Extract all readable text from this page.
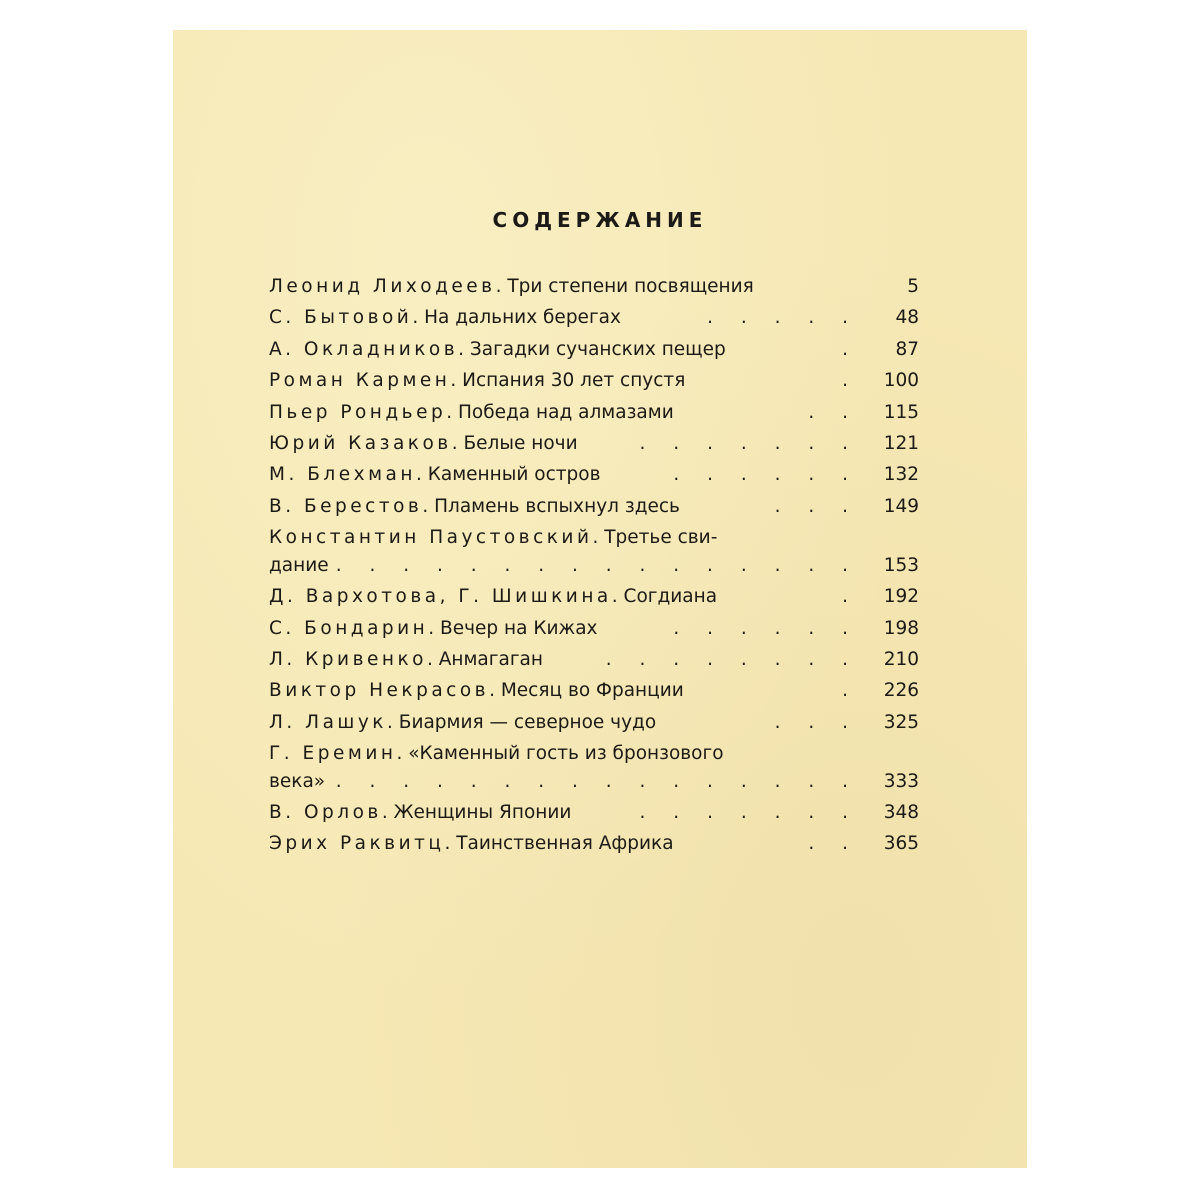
СОДЕРЖАНИЕ
Леонид Лиходеев. Три степени посвящения	5
С. Бытовой. На дальних берегах	. . . . .	48
А. Окладников. Загадки сучанских пещер	.	87
Роман Кармен. Испания 30 лет спустя	.	100
Пьер Рондьер. Победа над алмазами	. .	115
Юрий Казаков. Белые ночи	. . . . . . .	121
М. Блехман. Каменный остров	. . . . . .	132
В. Берестов. Пламень вспыхнул здесь	. . .	149
Константин Паустовский. Третье сви-
дание . . . . . . . . . . . . . . . .	153
Д. Вархотова, Г. Шишкина. Согдиана	.	192
С. Бондарин. Вечер на Кижах	. . . . . .	198
Л. Кривенко. Анмагаган	. . . . . . . .	210
Виктор Некрасов. Месяц во Франции	.	226
Л. Лашук. Биармия — северное чудо	. . .	325
Г. Еремин. «Каменный гость из бронзового
века» . . . . . . . . . . . . . . . .	333
В. Орлов. Женщины Японии	. . . . . . .	348
Эрих Раквитц. Таинственная Африка	. .	365
